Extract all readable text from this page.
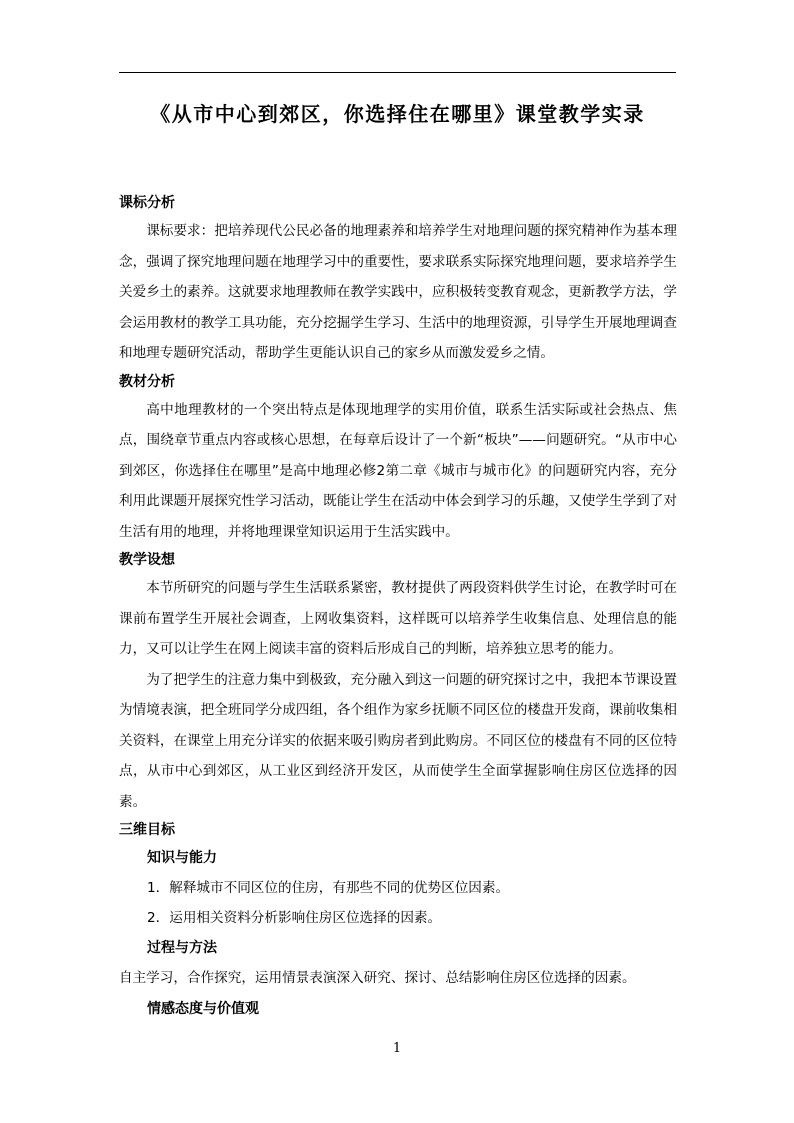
《从市中心到郊区，你选择住在哪里》课堂教学实录

课标分析

课标要求：把培养现代公民必备的地理素养和培养学生对地理问题的探究精神作为基本理念，强调了探究地理问题在地理学习中的重要性，要求联系实际探究地理问题，要求培养学生关爱乡土的素养。这就要求地理教师在教学实践中，应积极转变教育观念，更新教学方法，学会运用教材的教学工具功能，充分挖掘学生学习、生活中的地理资源，引导学生开展地理调查和地理专题研究活动，帮助学生更能认识自己的家乡从而激发爱乡之情。

教材分析

高中地理教材的一个突出特点是体现地理学的实用价值，联系生活实际或社会热点、焦点，围绕章节重点内容或核心思想，在每章后设计了一个新“板块”——问题研究。“从市中心到郊区，你选择住在哪里”是高中地理必修2第二章《城市与城市化》的问题研究内容，充分利用此课题开展探究性学习活动，既能让学生在活动中体会到学习的乐趣，又使学生学到了对生活有用的地理，并将地理课堂知识运用于生活实践中。

教学设想

本节所研究的问题与学生生活联系紧密，教材提供了两段资料供学生讨论，在教学时可在课前布置学生开展社会调查，上网收集资料，这样既可以培养学生收集信息、处理信息的能力，又可以让学生在网上阅读丰富的资料后形成自己的判断，培养独立思考的能力。

为了把学生的注意力集中到极致，充分融入到这一问题的研究探讨之中，我把本节课设置为情境表演，把全班同学分成四组，各个组作为家乡抚顺不同区位的楼盘开发商，课前收集相关资料，在课堂上用充分详实的依据来吸引购房者到此购房。不同区位的楼盘有不同的区位特点，从市中心到郊区，从工业区到经济开发区，从而使学生全面掌握影响住房区位选择的因素。

三维目标

知识与能力

1．解释城市不同区位的住房，有那些不同的优势区位因素。

2．运用相关资料分析影响住房区位选择的因素。

过程与方法

自主学习，合作探究，运用情景表演深入研究、探讨、总结影响住房区位选择的因素。

情感态度与价值观

1
